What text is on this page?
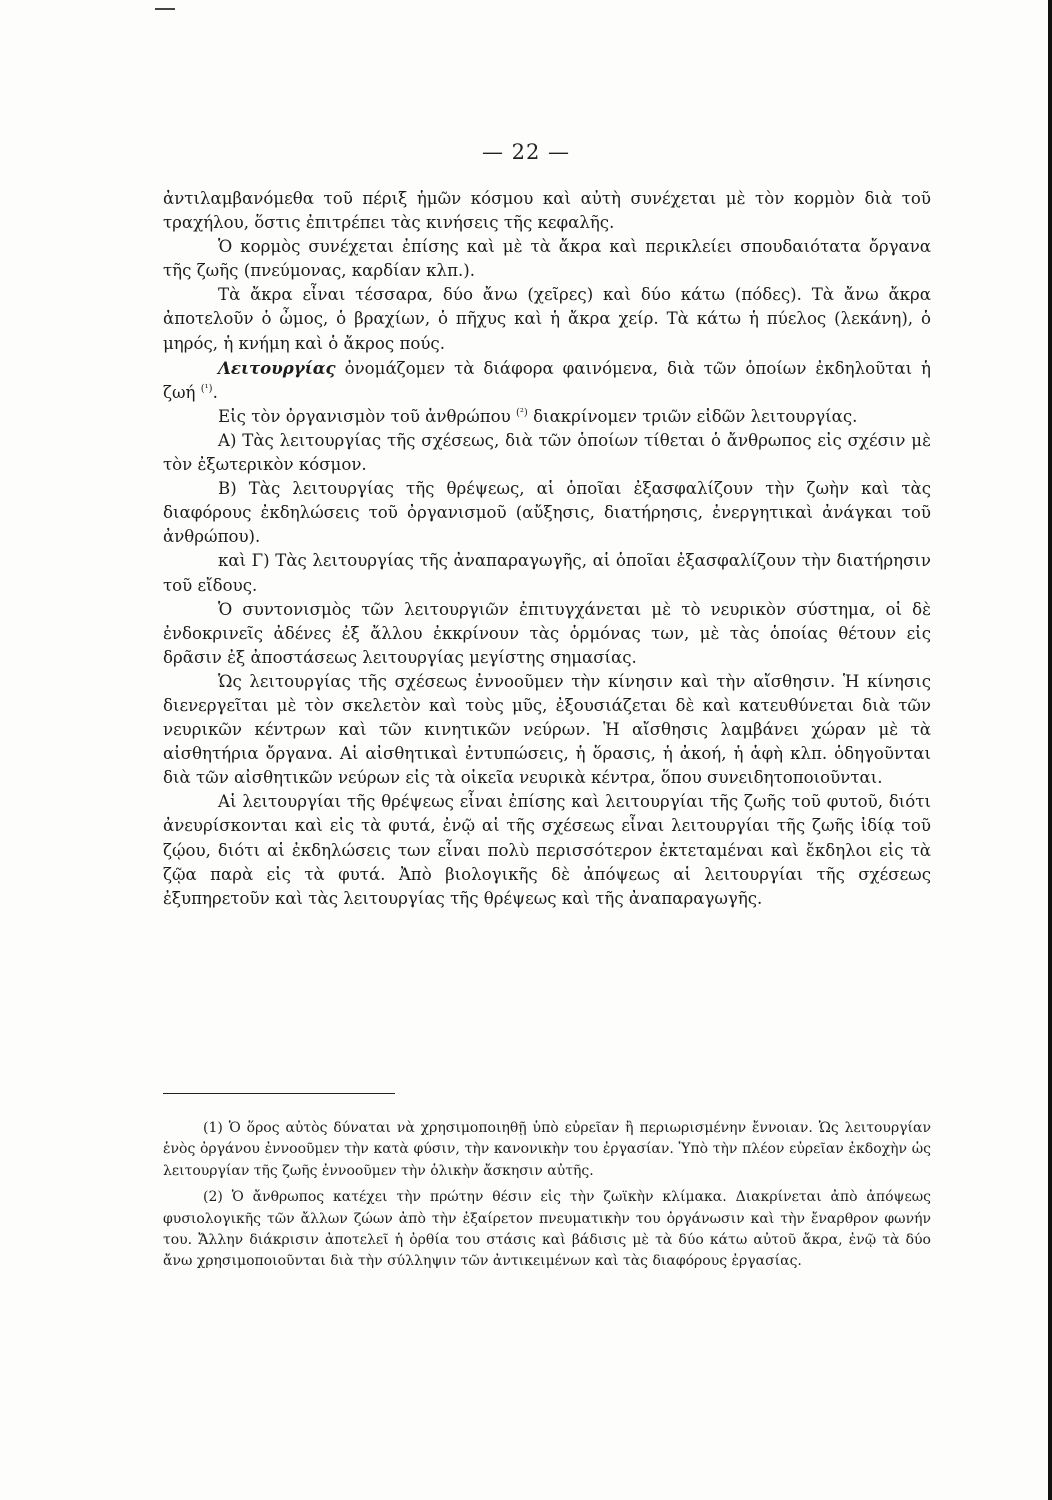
— 22 —

ἀντιλαμβανόμεθα τοῦ πέριξ ἡμῶν κόσμου καὶ αὐτὴ συνέχεται μὲ τὸν κορμὸν διὰ τοῦ τραχήλου, ὅστις ἐπιτρέπει τὰς κινήσεις τῆς κεφαλῆς.

Ὁ κορμὸς συνέχεται ἐπίσης καὶ μὲ τὰ ἄκρα καὶ περικλείει σπουδαιότατα ὄργανα τῆς ζωῆς (πνεύμονας, καρδίαν κλπ.).

Τὰ ἄκρα εἶναι τέσσαρα, δύο ἄνω (χεῖρες) καὶ δύο κάτω (πόδες). Τὰ ἄνω ἄκρα ἀποτελοῦν ὁ ὦμος, ὁ βραχίων, ὁ πῆχυς καὶ ἡ ἄκρα χείρ. Τὰ κάτω ἡ πύελος (λεκάνη), ὁ μηρός, ἡ κνήμη καὶ ὁ ἄκρος πούς.

Λειτουργίας ὀνομάζομεν τὰ διάφορα φαινόμενα, διὰ τῶν ὁποίων ἐκδηλοῦται ἡ ζωή $^{(^1)}$.

Εἰς τὸν ὀργανισμὸν τοῦ ἀνθρώπου $^{(^2)}$ διακρίνομεν τριῶν εἰδῶν λειτουργίας.

Α) Τὰς λειτουργίας τῆς σχέσεως, διὰ τῶν ὁποίων τίθεται ὁ ἄνθρωπος εἰς σχέσιν μὲ τὸν ἐξωτερικὸν κόσμον.

Β) Τὰς λειτουργίας τῆς θρέψεως, αἱ ὁποῖαι ἐξασφαλίζουν τὴν ζωὴν καὶ τὰς διαφόρους ἐκδηλώσεις τοῦ ὀργανισμοῦ (αὔξησις, διατήρησις, ἐνεργητικαὶ ἀνάγκαι τοῦ ἀνθρώπου).

καὶ Γ) Τὰς λειτουργίας τῆς ἀναπαραγωγῆς, αἱ ὁποῖαι ἐξασφαλίζουν τὴν διατήρησιν τοῦ εἴδους.

Ὁ συντονισμὸς τῶν λειτουργιῶν ἐπιτυγχάνεται μὲ τὸ νευρικὸν σύστημα, οἱ δὲ ἐνδοκρινεῖς ἀδένες ἐξ ἄλλου ἐκκρίνουν τὰς ὁρμόνας των, μὲ τὰς ὁποίας θέτουν εἰς δρᾶσιν ἐξ ἀποστάσεως λειτουργίας μεγίστης σημασίας.

Ὡς λειτουργίας τῆς σχέσεως ἐννοοῦμεν τὴν κίνησιν καὶ τὴν αἴσθησιν. Ἡ κίνησις διενεργεῖται μὲ τὸν σκελετὸν καὶ τοὺς μῦς, ἐξουσιάζεται δὲ καὶ κατευθύνεται διὰ τῶν νευρικῶν κέντρων καὶ τῶν κινητικῶν νεύρων. Ἡ αἴσθησις λαμβάνει χώραν μὲ τὰ αἰσθητήρια ὄργανα. Αἱ αἰσθητικαὶ ἐντυπώσεις, ἡ ὅρασις, ἡ ἀκοή, ἡ ἁφὴ κλπ. ὁδηγοῦνται διὰ τῶν αἰσθητικῶν νεύρων εἰς τὰ οἰκεῖα νευρικὰ κέντρα, ὅπου συνειδητοποιοῦνται.

Αἱ λειτουργίαι τῆς θρέψεως εἶναι ἐπίσης καὶ λειτουργίαι τῆς ζωῆς τοῦ φυτοῦ, διότι ἀνευρίσκονται καὶ εἰς τὰ φυτά, ἐνῷ αἱ τῆς σχέσεως εἶναι λειτουργίαι τῆς ζωῆς ἰδίᾳ τοῦ ζῴου, διότι αἱ ἐκδηλώσεις των εἶναι πολὺ περισσότερον ἐκτεταμέναι καὶ ἔκδηλοι εἰς τὰ ζῷα παρὰ εἰς τὰ φυτά. Ἀπὸ βιολογικῆς δὲ ἀπόψεως αἱ λειτουργίαι τῆς σχέσεως ἐξυπηρετοῦν καὶ τὰς λειτουργίας τῆς θρέψεως καὶ τῆς ἀναπαραγωγῆς.

(1) Ὁ ὅρος αὐτὸς δύναται νὰ χρησιμοποιηθῇ ὑπὸ εὐρεῖαν ἢ περιωρισμένην ἔννοιαν. Ὡς λειτουργίαν ἑνὸς ὀργάνου ἐννοοῦμεν τὴν κατὰ φύσιν, τὴν κανονικὴν του ἐργασίαν. Ὑπὸ τὴν πλέον εὐρεῖαν ἐκδοχὴν ὡς λειτουργίαν τῆς ζωῆς ἐννοοῦμεν τὴν ὁλικὴν ἄσκησιν αὐτῆς.

(2) Ὁ ἄνθρωπος κατέχει τὴν πρώτην θέσιν εἰς τὴν ζωϊκὴν κλίμακα. Διακρίνεται ἀπὸ ἀπόψεως φυσιολογικῆς τῶν ἄλλων ζώων ἀπὸ τὴν ἐξαίρετον πνευματικὴν του ὀργάνωσιν καὶ τὴν ἔναρθρον φωνήν του. Ἄλλην διάκρισιν ἀποτελεῖ ἡ ὀρθία του στάσις καὶ βάδισις μὲ τὰ δύο κάτω αὐτοῦ ἄκρα, ἐνῷ τὰ δύο ἄνω χρησιμοποιοῦνται διὰ τὴν σύλληψιν τῶν ἀντικειμένων καὶ τὰς διαφόρους ἐργασίας.
